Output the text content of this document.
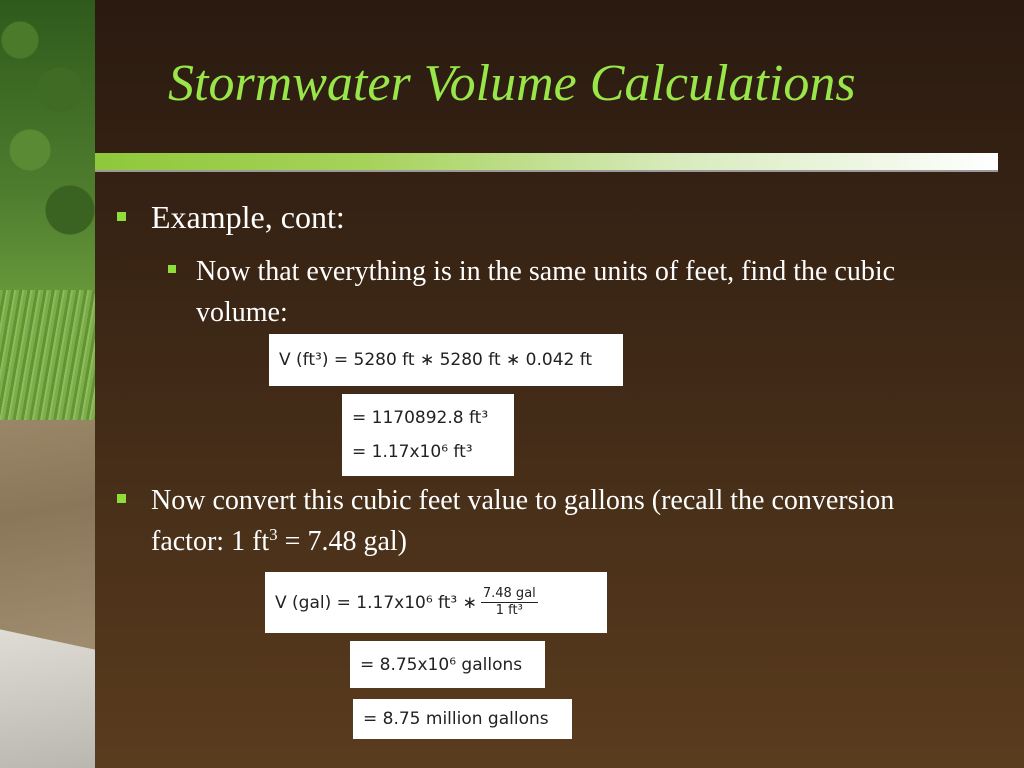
Stormwater Volume Calculations
Example, cont:
Now that everything is in the same units of feet, find the cubic volume:
V (ft³) = 5280 ft ∗ 5280 ft ∗ 0.042 ft
= 1170892.8 ft³
= 1.17x10⁶ ft³
Now convert this cubic feet value to gallons (recall the conversion factor: 1 $ft^3 = 7.48$ gal)
V (gal) = 1.17x10⁶ ft³ ∗ $\frac{\text{7.48 gal}}{\text{1 ft³}}$
= 8.75x10⁶ gallons
= 8.75 million gallons
